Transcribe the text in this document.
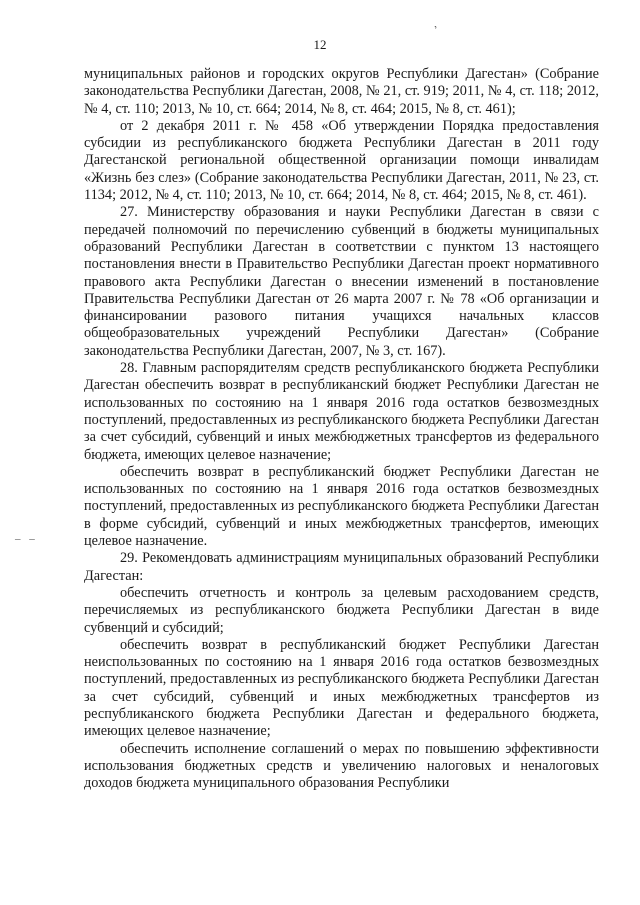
12
’
– –

муниципальных районов и городских округов Республики Дагестан» (Собрание законодательства Республики Дагестан, 2008, № 21, ст. 919; 2011, № 4, ст. 118; 2012, № 4, ст. 110; 2013, № 10, ст. 664; 2014, № 8, ст. 464; 2015, № 8, ст. 461);

от 2 декабря 2011 г. № 458 «Об утверждении Порядка предоставления субсидии из республиканского бюджета Республики Дагестан в 2011 году Дагестанской региональной общественной организации помощи инвалидам «Жизнь без слез» (Собрание законодательства Республики Дагестан, 2011, № 23, ст. 1134; 2012, № 4, ст. 110; 2013, № 10, ст. 664; 2014, № 8, ст. 464; 2015, № 8, ст. 461).

27. Министерству образования и науки Республики Дагестан в связи с передачей полномочий по перечислению субвенций в бюджеты муниципальных образований Республики Дагестан в соответствии с пунктом 13 настоящего постановления внести в Правительство Республики Дагестан проект нормативного правового акта Республики Дагестан о внесении изменений в постановление Правительства Республики Дагестан от 26 марта 2007 г. № 78 «Об организации и финансировании разового питания учащихся начальных классов общеобразовательных учреждений Республики Дагестан» (Собрание законодательства Республики Дагестан, 2007, № 3, ст. 167).

28. Главным распорядителям средств республиканского бюджета Республики Дагестан обеспечить возврат в республиканский бюджет Республики Дагестан не использованных по состоянию на 1 января 2016 года остатков безвозмездных поступлений, предоставленных из республиканского бюджета Республики Дагестан за счет субсидий, субвенций и иных межбюджетных трансфертов из федерального бюджета, имеющих целевое назначение;

обеспечить возврат в республиканский бюджет Республики Дагестан не использованных по состоянию на 1 января 2016 года остатков безвозмездных поступлений, предоставленных из республиканского бюджета Республики Дагестан в форме субсидий, субвенций и иных межбюджетных трансфертов, имеющих целевое назначение.

29. Рекомендовать администрациям муниципальных образований Республики Дагестан:

обеспечить отчетность и контроль за целевым расходованием средств, перечисляемых из республиканского бюджета Республики Дагестан в виде субвенций и субсидий;

обеспечить возврат в республиканский бюджет Республики Дагестан неиспользованных по состоянию на 1 января 2016 года остатков безвозмездных поступлений, предоставленных из республиканского бюджета Республики Дагестан за счет субсидий, субвенций и иных межбюджетных трансфертов из республиканского бюджета Республики Дагестан и федерального бюджета, имеющих целевое назначение;

обеспечить исполнение соглашений о мерах по повышению эффективности использования бюджетных средств и увеличению налоговых и неналоговых доходов бюджета муниципального образования Республики
